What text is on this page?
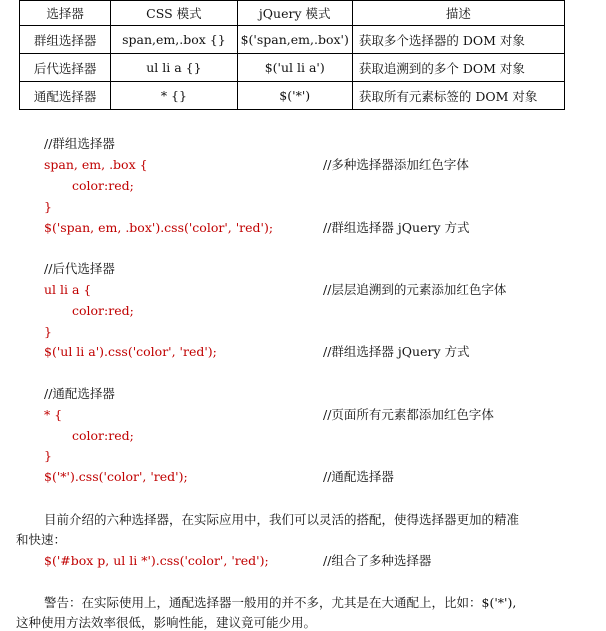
选择器	CSS 模式	jQuery 模式	描述
群组选择器	span,em,.box {}	$('span,em,.box')	获取多个选择器的 DOM 对象
后代选择器	ul li a {}	$('ul li a')	获取追溯到的多个 DOM 对象
通配选择器	* {}	$('*')	获取所有元素标签的 DOM 对象
//群组选择器
span, em, .box {	//多种选择器添加红色字体
color:red;
}
$('span, em, .box').css('color', 'red');	//群组选择器 jQuery 方式
//后代选择器
ul li a {	//层层追溯到的元素添加红色字体
color:red;
}
$('ul li a').css('color', 'red');	//群组选择器 jQuery 方式
//通配选择器
* {	//页面所有元素都添加红色字体
color:red;
}
$('*').css('color', 'red');	//通配选择器
目前介绍的六种选择器，在实际应用中，我们可以灵活的搭配，使得选择器更加的精准
和快速：
$('#box p, ul li *').css('color', 'red');	//组合了多种选择器
警告：在实际使用上，通配选择器一般用的并不多，尤其是在大通配上，比如：$('*'),
这种使用方法效率很低，影响性能，建议竟可能少用。
